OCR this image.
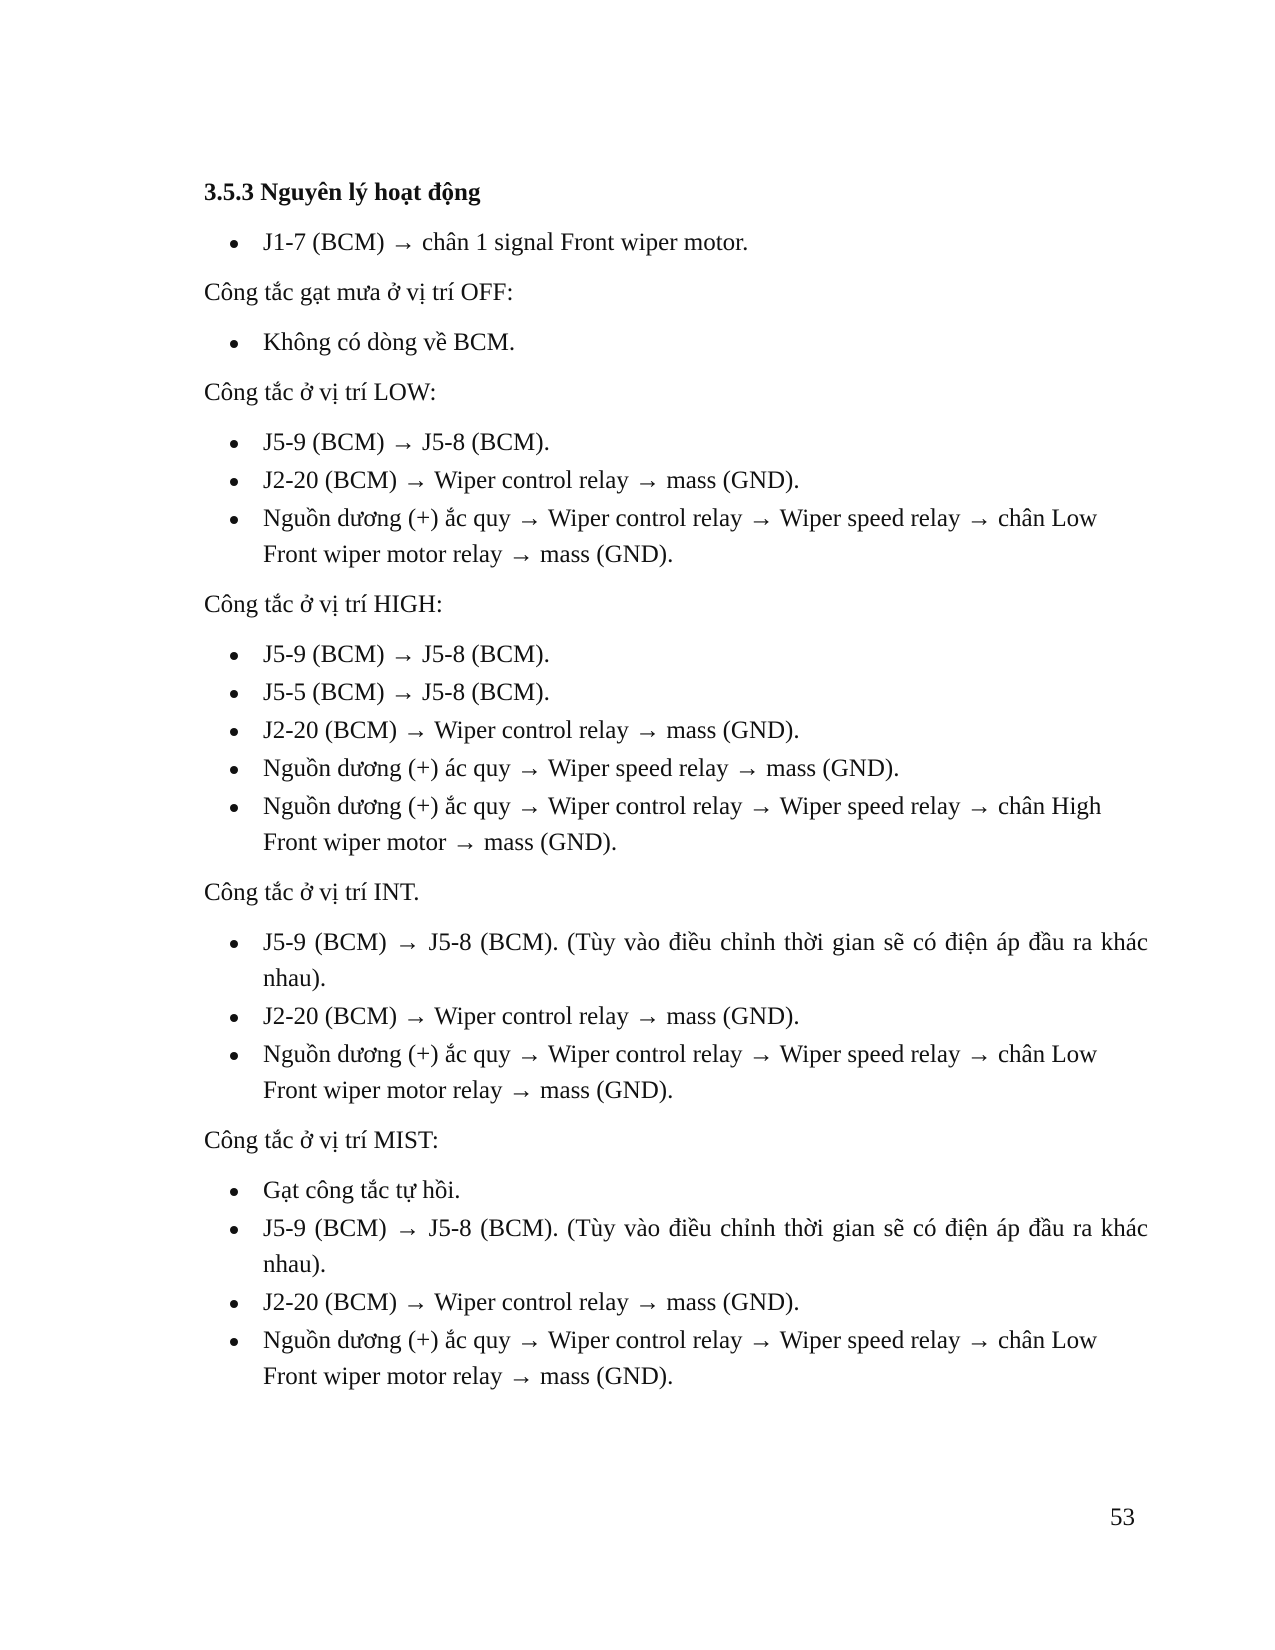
3.5.3 Nguyên lý hoạt động
J1-7 (BCM) → chân 1 signal Front wiper motor.
Công tắc gạt mưa ở vị trí OFF:
Không có dòng về BCM.
Công tắc ở vị trí LOW:
J5-9 (BCM) → J5-8 (BCM).
J2-20 (BCM) → Wiper control relay → mass (GND).
Nguồn dương (+) ắc quy → Wiper control relay → Wiper speed relay → chân Low Front wiper motor relay → mass (GND).
Công tắc ở vị trí HIGH:
J5-9 (BCM) → J5-8 (BCM).
J5-5 (BCM) → J5-8 (BCM).
J2-20 (BCM) → Wiper control relay → mass (GND).
Nguồn dương (+) ác quy → Wiper speed relay → mass (GND).
Nguồn dương (+) ắc quy → Wiper control relay → Wiper speed relay → chân High Front wiper motor → mass (GND).
Công tắc ở vị trí INT.
J5-9 (BCM) → J5-8 (BCM). (Tùy vào điều chỉnh thời gian sẽ có điện áp đầu ra khác nhau).
J2-20 (BCM) → Wiper control relay → mass (GND).
Nguồn dương (+) ắc quy → Wiper control relay → Wiper speed relay → chân Low Front wiper motor relay → mass (GND).
Công tắc ở vị trí MIST:
Gạt công tắc tự hồi.
J5-9 (BCM) → J5-8 (BCM). (Tùy vào điều chỉnh thời gian sẽ có điện áp đầu ra khác nhau).
J2-20 (BCM) → Wiper control relay → mass (GND).
Nguồn dương (+) ắc quy → Wiper control relay → Wiper speed relay → chân Low Front wiper motor relay → mass (GND).
53
